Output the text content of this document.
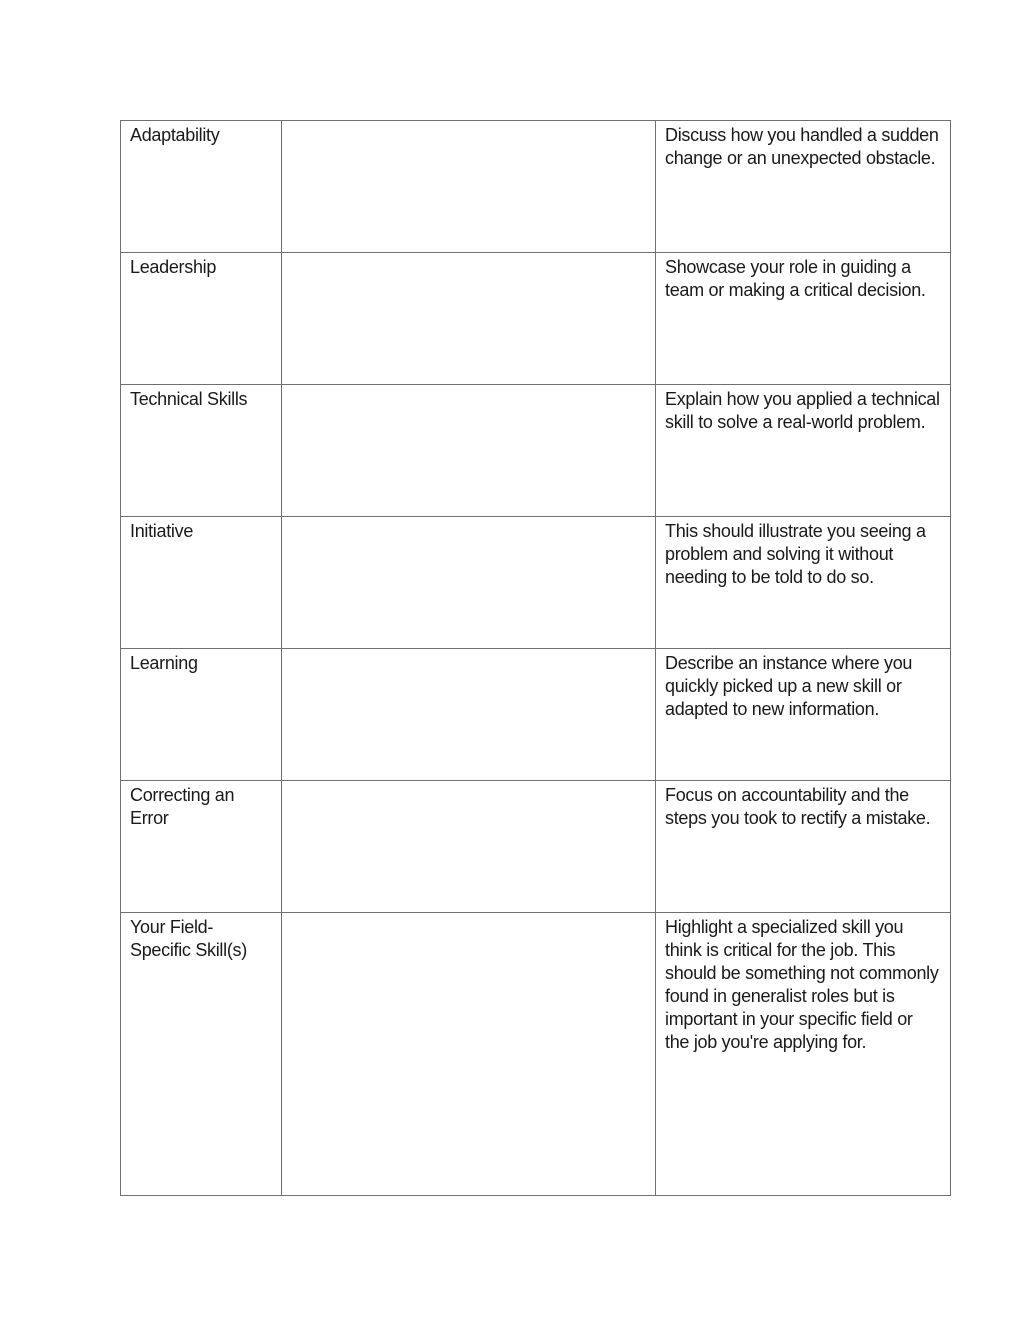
Adaptability		Discuss how you handled a sudden change or an unexpected obstacle.
Leadership		Showcase your role in guiding a team or making a critical decision.
Technical Skills		Explain how you applied a technical skill to solve a real-world problem.
Initiative		This should illustrate you seeing a problem and solving it without needing to be told to do so.
Learning		Describe an instance where you quickly picked up a new skill or adapted to new information.
Correcting an Error		Focus on accountability and the steps you took to rectify a mistake.
Your Field-Specific Skill(s)		Highlight a specialized skill you think is critical for the job. This should be something not commonly found in generalist roles but is important in your specific field or the job you're applying for.
